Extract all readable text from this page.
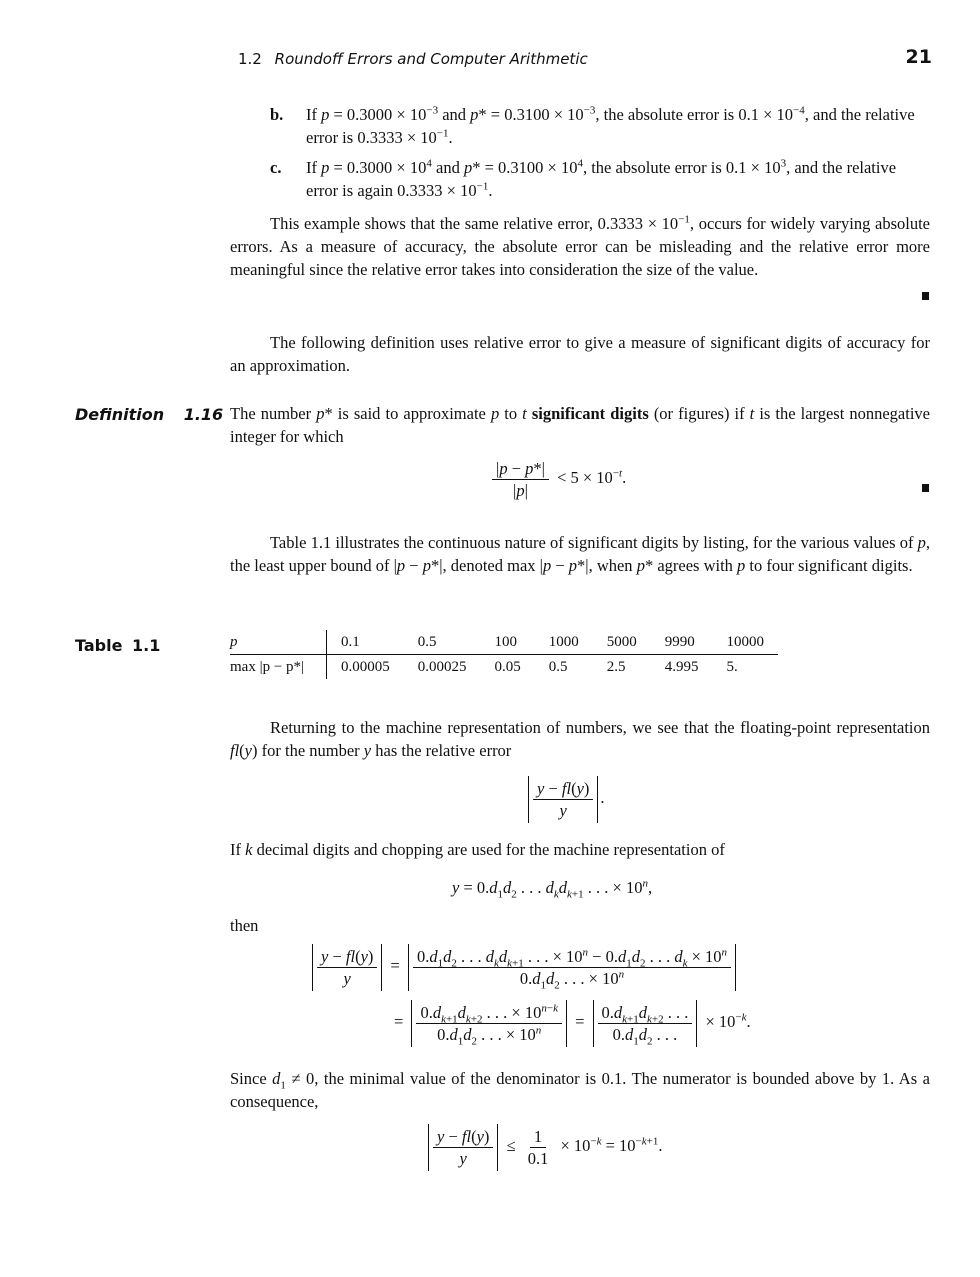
1.2 Roundoff Errors and Computer Arithmetic	21
b. If $p = 0.3000 \times 10^{-3}$ and $p* = 0.3100 \times 10^{-3}$, the absolute error is $0.1 \times 10^{-4}$, and the relative error is $0.3333 \times 10^{-1}$.
c. If $p = 0.3000 \times 10^4$ and $p* = 0.3100 \times 10^4$, the absolute error is $0.1 \times 10^3$, and the relative error is again $0.3333 \times 10^{-1}$.
This example shows that the same relative error, $0.3333 \times 10^{-1}$, occurs for widely varying absolute errors. As a measure of accuracy, the absolute error can be misleading and the relative error more meaningful since the relative error takes into consideration the size of the value.
The following definition uses relative error to give a measure of significant digits of accuracy for an approximation.
Definition 1.16 The number p* is said to approximate p to t significant digits (or figures) if t is the largest nonnegative integer for which
$\frac{|p - p*|}{|p|} < 5 \times 10^{-t}$.
Table 1.1 illustrates the continuous nature of significant digits by listing, for the various values of p, the least upper bound of |p − p*|, denoted max |p − p*|, when p* agrees with p to four significant digits.
Table 1.1	p	0.1	0.5	100	1000	5000	9990	10000
max |p − p*|	0.00005	0.00025	0.05	0.5	2.5	4.995	5.
Returning to the machine representation of numbers, we see that the floating-point representation fl(y) for the number y has the relative error
$\frac{y - fl(y)}{y}$ .
If k decimal digits and chopping are used for the machine representation of
$y = 0.d_1d_2$ . . . $d_kd_{k+1}$ . . . × $10^n$,
then
$\frac{y - fl(y)}{y} = \frac{0.d_1d_2 . . . d_kd_{k+1} . . . \times 10^n - 0.d_1d_2 . . . d_k \times 10^n}{0.d_1d_2 . . . \times 10^n}$
= $\frac{0.d_{k+1}d_{k+2} . . . \times 10^{n-k}}{0.d_1d_2 . . . \times 10^n} = \frac{0.d_{k+1}d_{k+2} . . .}{0.d_1d_2 . . .} \times 10^{-k}$.
Since $d_1 \ne 0$, the minimal value of the denominator is 0.1. The numerator is bounded above by 1. As a consequence,
$\frac{y - fl(y)}{y} \le \frac{1}{0.1} \times 10^{-k} = 10^{-k+1}$.
